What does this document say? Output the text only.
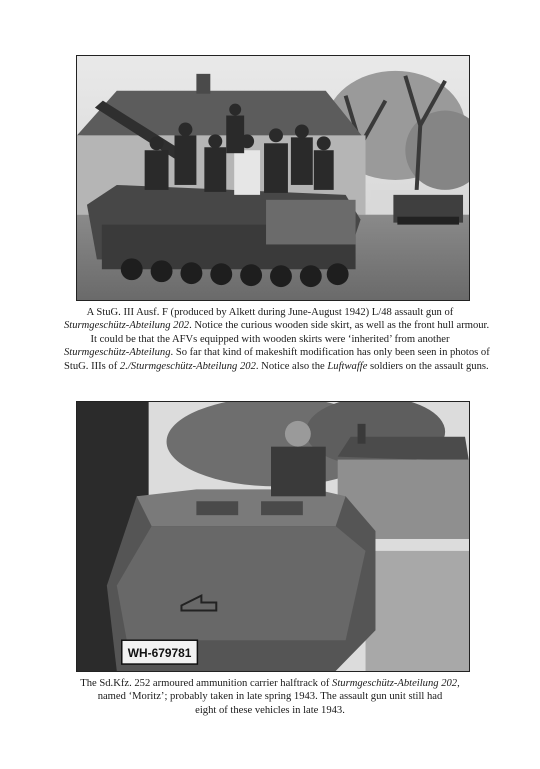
A StuG. III Ausf. F (produced by Alkett during June-August 1942) L/48 assault gun of
Sturmgeschütz-Abteilung 202. Notice the curious wooden side skirt, as well as the front hull armour.
It could be that the AFVs equipped with wooden skirts were ‘inherited’ from another
Sturmgeschütz-Abteilung. So far that kind of makeshift modification has only been seen in photos of
StuG. IIIs of 2./Sturmgeschütz-Abteilung 202. Notice also the Luftwaffe soldiers on the assault guns.

WH-679781

The Sd.Kfz. 252 armoured ammunition carrier halftrack of Sturmgeschütz-Abteilung 202,
named ‘Moritz’; probably taken in late spring 1943. The assault gun unit still had
eight of these vehicles in late 1943.
